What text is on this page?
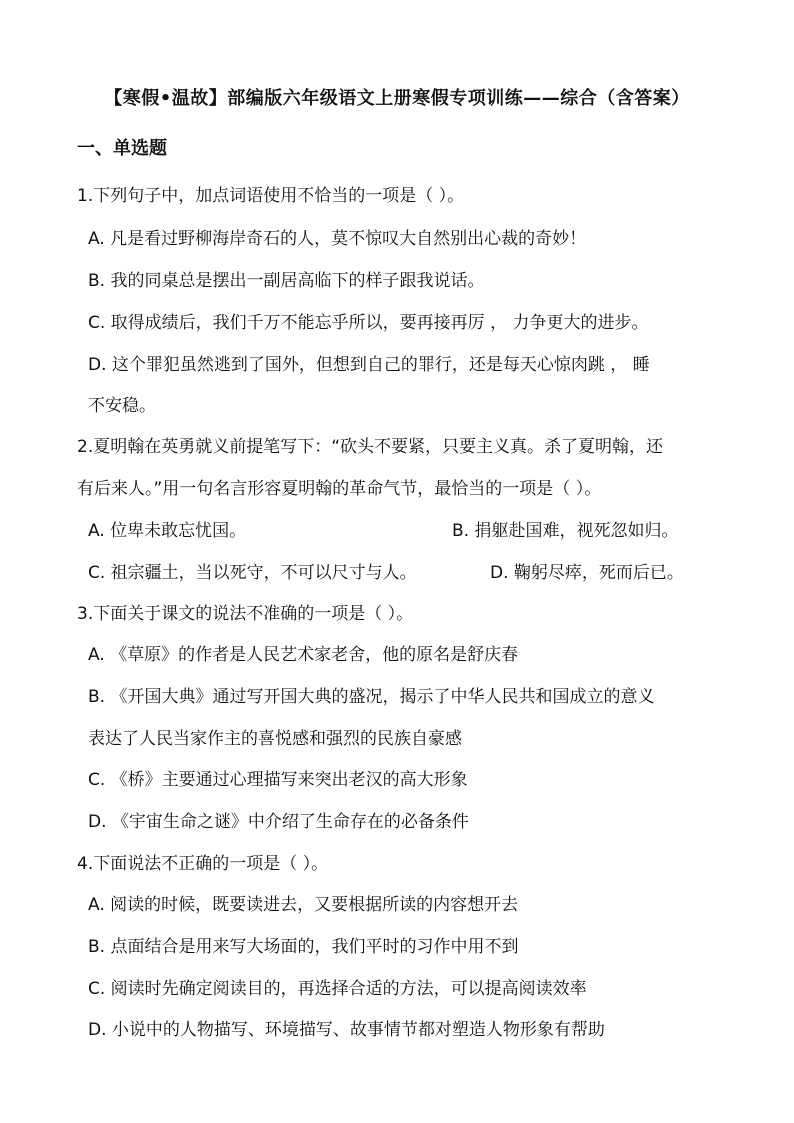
【寒假•温故】部编版六年级语文上册寒假专项训练——综合（含答案）
一、单选题
1.下列句子中，加点词语使用不恰当的一项是（ ）。
A. 凡是看过野柳海岸奇石的人，莫不惊叹大自然别出心裁的奇妙！
B. 我的同桌总是摆出一副居高临下的样子跟我说话。
C. 取得成绩后，我们千万不能忘乎所以，要再接再厉 ， 力争更大的进步。
D. 这个罪犯虽然逃到了国外，但想到自己的罪行，还是每天心惊肉跳 ， 睡
不安稳。
2.夏明翰在英勇就义前提笔写下：“砍头不要紧，只要主义真。杀了夏明翰，还
有后来人。”用一句名言形容夏明翰的革命气节，最恰当的一项是（ ）。
A. 位卑未敢忘忧国。	B. 捐躯赴国难，视死忽如归。
C. 祖宗疆土，当以死守，不可以尺寸与人。	D. 鞠躬尽瘁，死而后已。
3.下面关于课文的说法不准确的一项是（ ）。
A. 《草原》的作者是人民艺术家老舍，他的原名是舒庆春
B. 《开国大典》通过写开国大典的盛况，揭示了中华人民共和国成立的意义
表达了人民当家作主的喜悦感和强烈的民族自豪感
C. 《桥》主要通过心理描写来突出老汉的高大形象
D. 《宇宙生命之谜》中介绍了生命存在的必备条件
4.下面说法不正确的一项是（ ）。
A. 阅读的时候，既要读进去，又要根据所读的内容想开去
B. 点面结合是用来写大场面的，我们平时的习作中用不到
C. 阅读时先确定阅读目的，再选择合适的方法，可以提高阅读效率
D. 小说中的人物描写、环境描写、故事情节都对塑造人物形象有帮助
